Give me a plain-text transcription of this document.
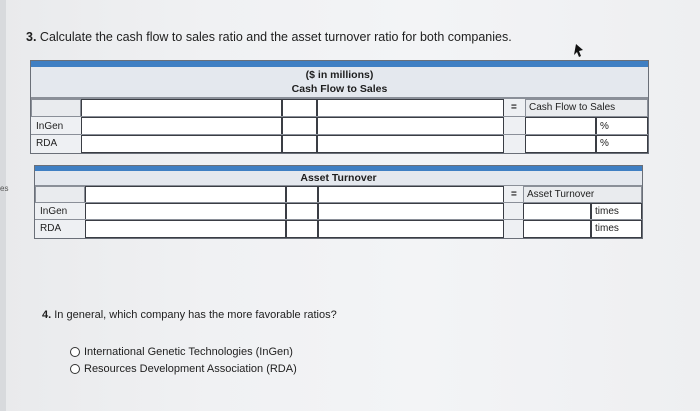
es
3. Calculate the cash flow to sales ratio and the asset turnover ratio for both companies.
($ in millions)
Cash Flow to Sales
= Cash Flow to Sales
InGen	%
RDA	%
Asset Turnover
= Asset Turnover
InGen	times
RDA	times
4. In general, which company has the more favorable ratios?
International Genetic Technologies (InGen)
Resources Development Association (RDA)
